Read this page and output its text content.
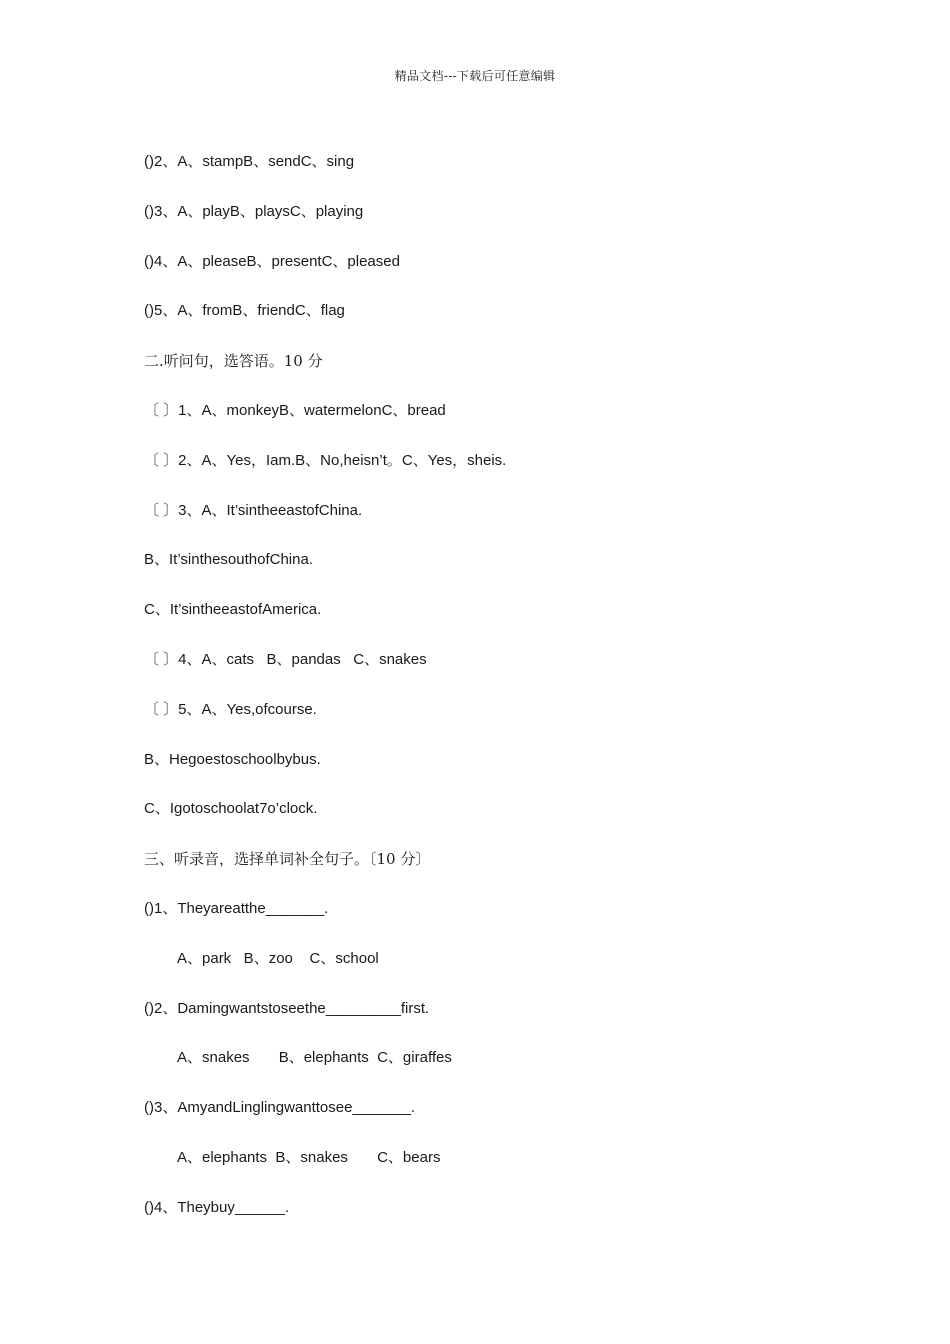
精品文档---下载后可任意编辑
()2、A、stampB、sendC、sing
()3、A、playB、playsC、playing
()4、A、pleaseB、presentC、pleased
()5、A、fromB、friendC、flag
二.听问句，选答语。10 分
〔 〕1、A、monkeyB、watermelonC、bread
〔 〕2、A、Yes，Iam.B、No,heisn’t。C、Yes，sheis.
〔 〕3、A、It’sintheeastofChina.
B、It’sinthesouthofChina.
C、It’sintheeastofAmerica.
〔 〕4、A、cats   B、pandas   C、snakes
〔 〕5、A、Yes,ofcourse.
B、Hegoestoschoolbybus.
C、Igotoschoolat7o’clock.
三、听录音，选择单词补全句子。〔10 分〕
()1、Theyareatthe_______.
A、park   B、zoo    C、school
()2、Damingwantstoseethe_________first.
A、snakes       B、elephants  C、giraffes
()3、AmyandLinglingwanttosee_______.
A、elephants  B、snakes       C、bears
()4、Theybuy______.
